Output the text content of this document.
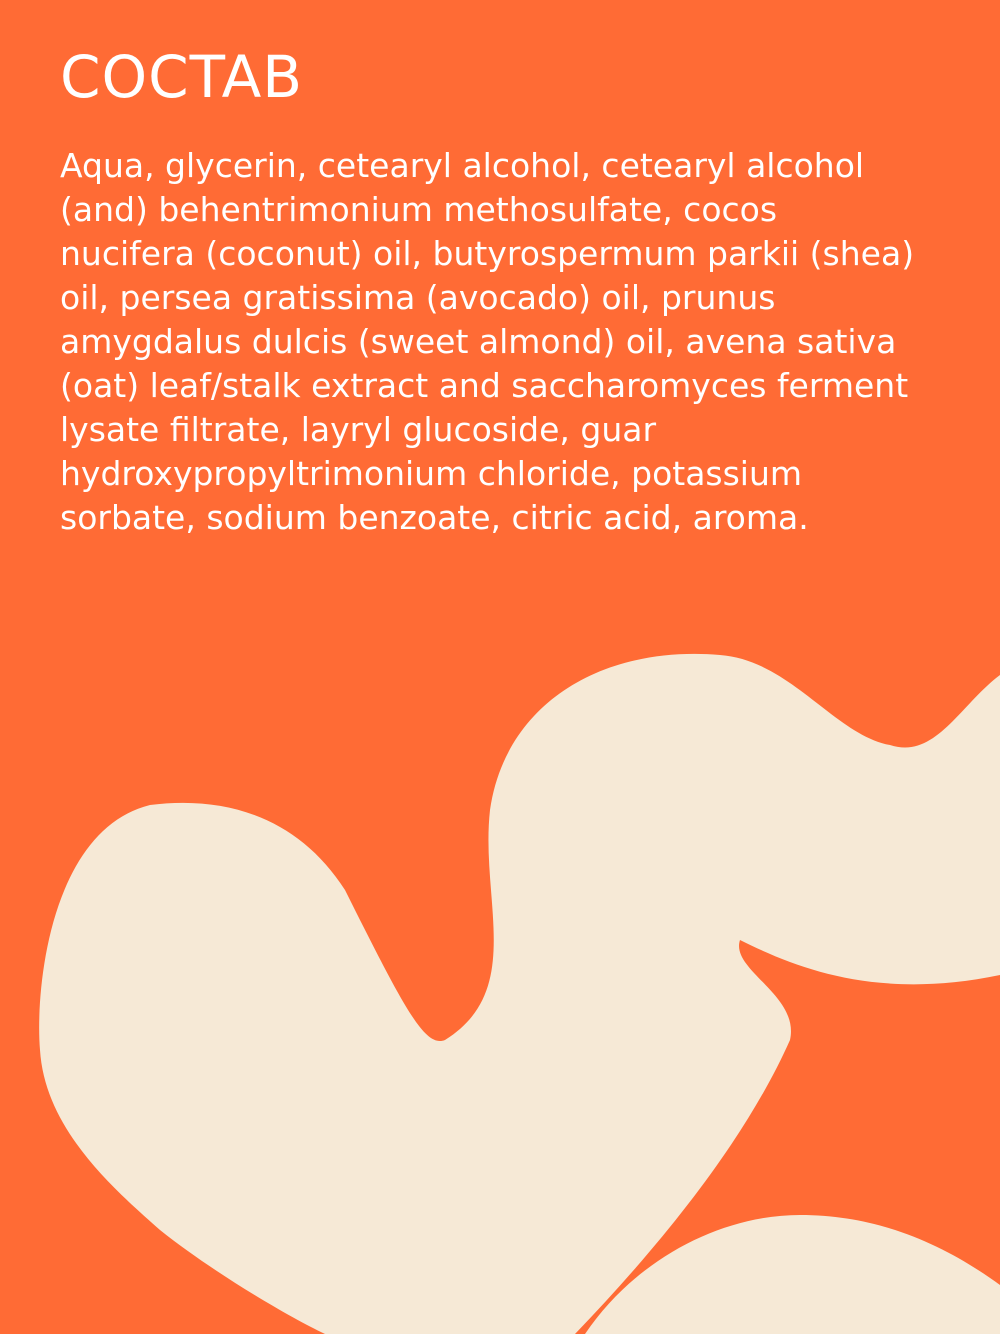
COCTAB

Aqua, glycerin, cetearyl alcohol, cetearyl alcohol (and) behentrimonium methosulfate, cocos nucifera (coconut) oil, butyrospermum parkii (shea) oil, persea gratissima (avocado) oil, prunus amygdalus dulcis (sweet almond) oil, avena sativa (oat) leaf/stalk extract and saccharomyces ferment lysate filtrate, layryl glucoside, guar hydroxypropyltrimonium chloride, potassium sorbate, sodium benzoate, citric acid, aroma.
